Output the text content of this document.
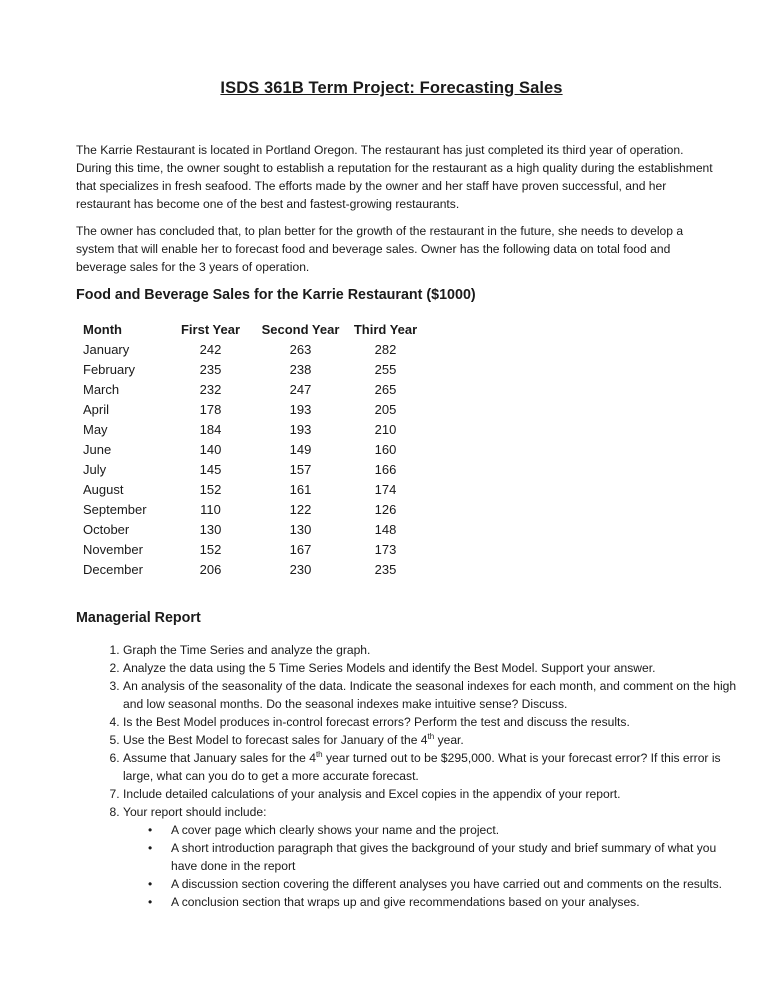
ISDS 361B Term Project: Forecasting Sales
The Karrie Restaurant is located in Portland Oregon. The restaurant has just completed its third year of operation. During this time, the owner sought to establish a reputation for the restaurant as a high quality during the establishment that specializes in fresh seafood. The efforts made by the owner and her staff have proven successful, and her restaurant has become one of the best and fastest-growing restaurants.
The owner has concluded that, to plan better for the growth of the restaurant in the future, she needs to develop a system that will enable her to forecast food and beverage sales. Owner has the following data on total food and beverage sales for the 3 years of operation.
Food and Beverage Sales for the Karrie Restaurant ($1000)
Month	First Year	Second Year	Third Year
January	242	263	282
February	235	238	255
March	232	247	265
April	178	193	205
May	184	193	210
June	140	149	160
July	145	157	166
August	152	161	174
September	110	122	126
October	130	130	148
November	152	167	173
December	206	230	235
Managerial Report
1. Graph the Time Series and analyze the graph.
2. Analyze the data using the 5 Time Series Models and identify the Best Model. Support your answer.
3. An analysis of the seasonality of the data. Indicate the seasonal indexes for each month, and comment on the high and low seasonal months. Do the seasonal indexes make intuitive sense? Discuss.
4. Is the Best Model produces in-control forecast errors? Perform the test and discuss the results.
5. Use the Best Model to forecast sales for January of the 4th year.
6. Assume that January sales for the 4th year turned out to be $295,000. What is your forecast error? If this error is large, what can you do to get a more accurate forecast.
7. Include detailed calculations of your analysis and Excel copies in the appendix of your report.
8. Your report should include:
• A cover page which clearly shows your name and the project.
• A short introduction paragraph that gives the background of your study and brief summary of what you have done in the report
• A discussion section covering the different analyses you have carried out and comments on the results.
• A conclusion section that wraps up and give recommendations based on your analyses.
